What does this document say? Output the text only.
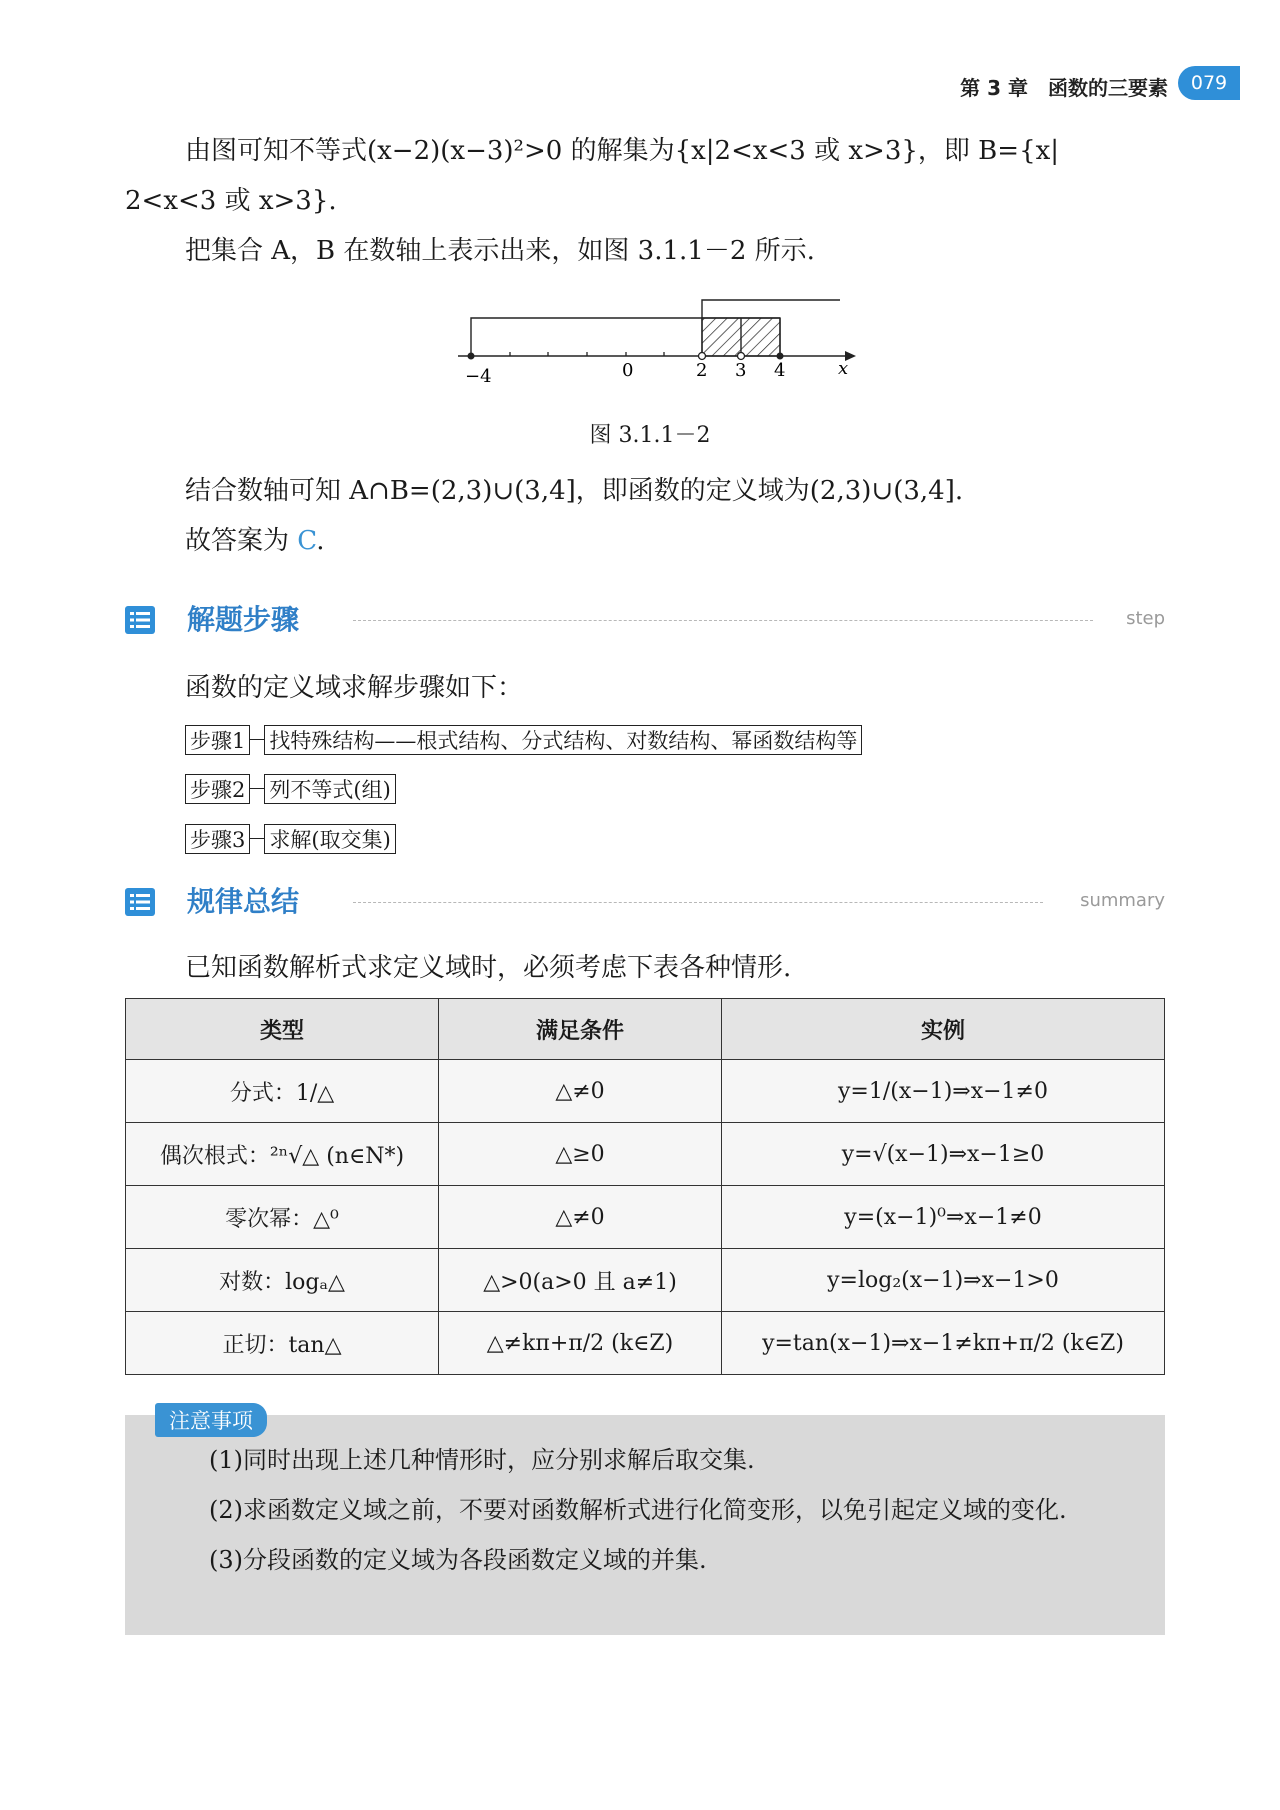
第 3 章　函数的三要素	079
由图可知不等式(x−2)(x−3)²>0 的解集为{x|2<x<3 或 x>3}，即 B={x|
2<x<3 或 x>3}.
把集合 A，B 在数轴上表示出来，如图 3.1.1－2 所示.
−4	0	2 3 4	x
图 3.1.1－2
结合数轴可知 A∩B=(2,3)∪(3,4]，即函数的定义域为(2,3)∪(3,4].
故答案为 C.
解题步骤	step
函数的定义域求解步骤如下：
步骤1 找特殊结构——根式结构、分式结构、对数结构、幂函数结构等
步骤2 列不等式(组)
步骤3 求解(取交集)
规律总结	summary
已知函数解析式求定义域时，必须考虑下表各种情形.
类型	满足条件	实例
分式：1/△	△≠0	y=1/(x−1)⇒x−1≠0
偶次根式：²ⁿ√△ (n∈N*)	△≥0	y=√(x−1)⇒x−1≥0
零次幂：△⁰	△≠0	y=(x−1)⁰⇒x−1≠0
对数：logₐ△	△>0(a>0 且 a≠1)	y=log₂(x−1)⇒x−1>0
正切：tan△	△≠kπ+π/2 (k∈Z)	y=tan(x−1)⇒x−1≠kπ+π/2 (k∈Z)
注意事项

(1)同时出现上述几种情形时，应分别求解后取交集.

(2)求函数定义域之前，不要对函数解析式进行化简变形，以免引起定义域的变化.

(3)分段函数的定义域为各段函数定义域的并集.
